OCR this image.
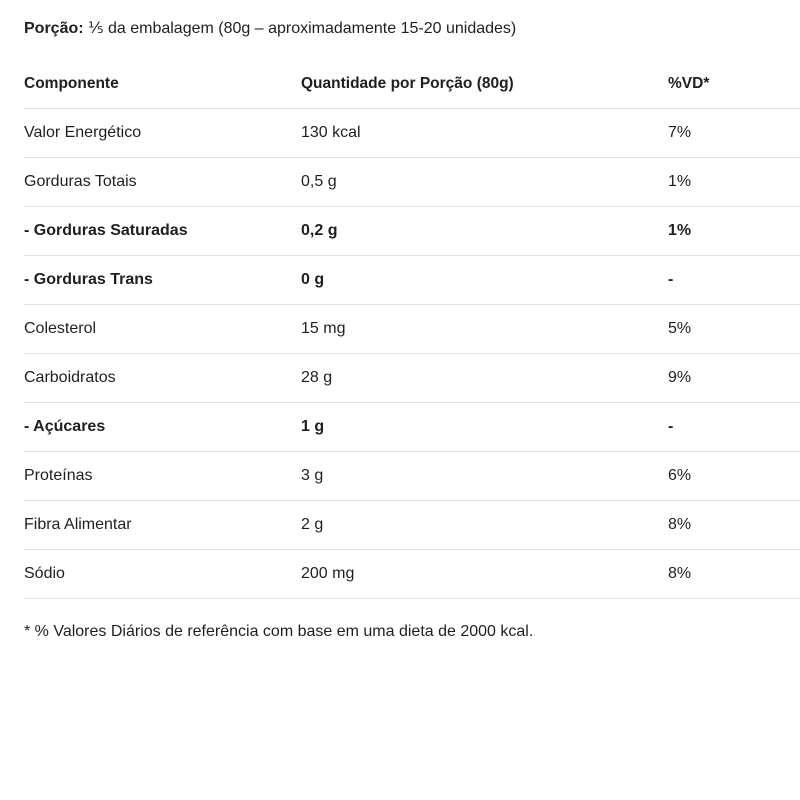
Porção: ⅕ da embalagem (80g – aproximadamente 15-20 unidades)
Componente	Quantidade por Porção (80g)	%VD*
Valor Energético	130 kcal	7%
Gorduras Totais	0,5 g	1%
- Gorduras Saturadas	0,2 g	1%
- Gorduras Trans	0 g	-
Colesterol	15 mg	5%
Carboidratos	28 g	9%
- Açúcares	1 g	-
Proteínas	3 g	6%
Fibra Alimentar	2 g	8%
Sódio	200 mg	8%
* % Valores Diários de referência com base em uma dieta de 2000 kcal.
